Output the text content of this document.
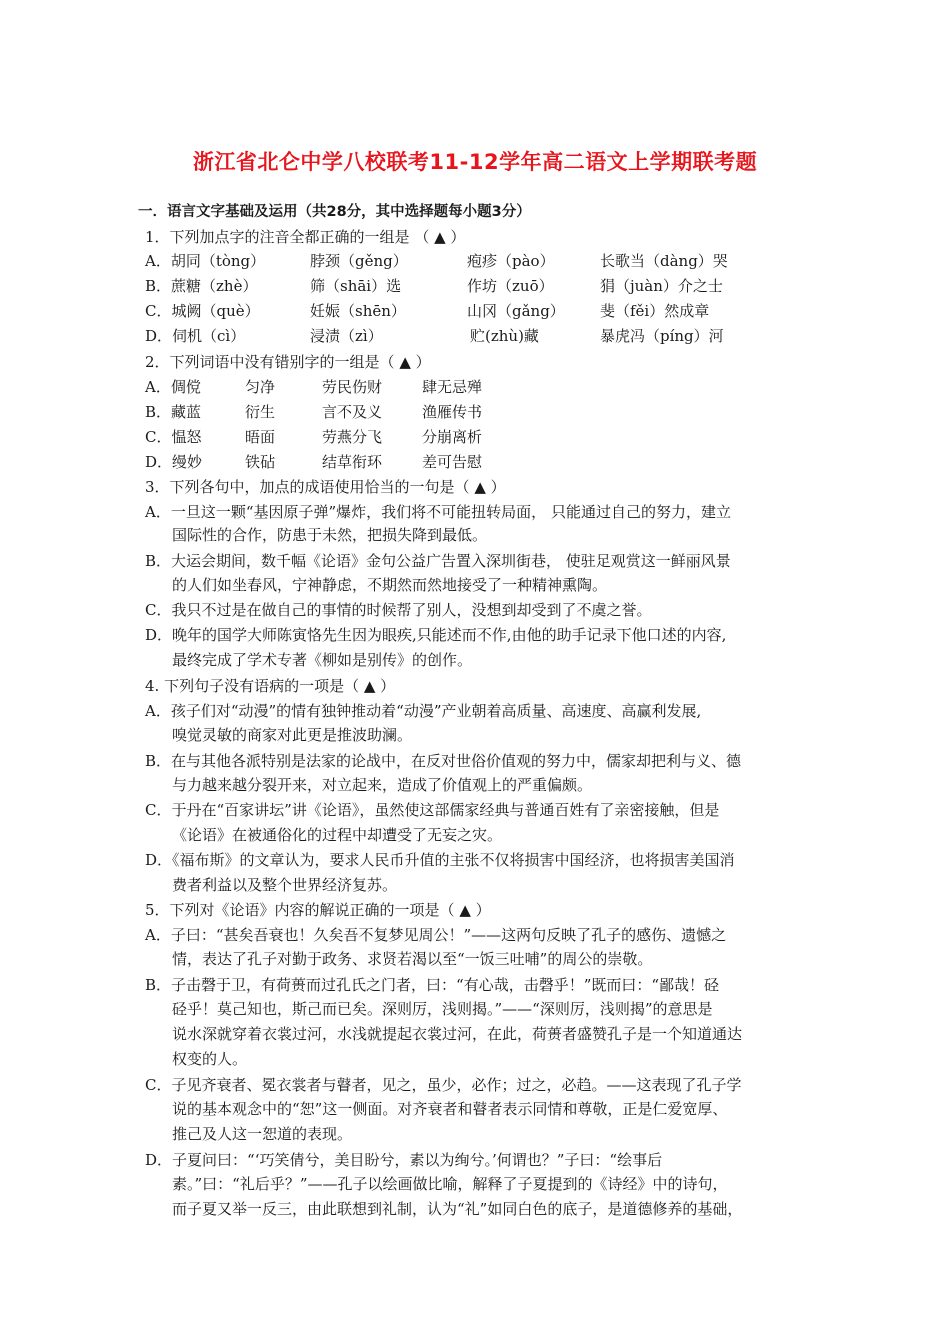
浙江省北仑中学八校联考11-12学年高二语文上学期联考题
一．语言文字基础及运用（共28分，其中选择题每小题3分）
1．下列加点字的注音全都正确的一组是 （ ▲ ）
A．胡同（tòng）	脖颈（gěng）	疱疹（pào）	长歌当（dàng）哭
B．蔗糖（zhè）	筛（shāi）选	作坊（zuō）	狷（juàn）介之士
C．城阙（què）	妊娠（shēn）	山冈（gǎng） 斐（fěi）然成章
D．伺机（cì）	浸渍（zì）	贮(zhù)藏	暴虎冯（píng）河
2．下列词语中没有错别字的一组是（ ▲ ）
A．倜傥	匀净	劳民伤财	肆无忌殚
B．藏蓝	衍生	言不及义	渔雁传书
C．愠怒	晤面	劳燕分飞	分崩离析
D．缦妙	铁砧	结草衔环	差可告慰
3．下列各句中，加点的成语使用恰当的一句是（ ▲ ）
A．一旦这一颗“基因原子弹”爆炸，我们将不可能扭转局面， 只能通过自己的努力，建立
国际性的合作，防患于未然，把损失降到最低。
B．大运会期间，数千幅《论语》金句公益广告置入深圳街巷， 使驻足观赏这一鲜丽风景
的人们如坐春风，宁神静虑，不期然而然地接受了一种精神熏陶。
C．我只不过是在做自己的事情的时候帮了别人，没想到却受到了不虞之誉。
D．晚年的国学大师陈寅恪先生因为眼疾,只能述而不作,由他的助手记录下他口述的内容,
最终完成了学术专著《柳如是别传》的创作。
4. 下列句子没有语病的一项是（ ▲ ）
A．孩子们对“动漫”的情有独钟推动着“动漫”产业朝着高质量、高速度、高赢利发展,
嗅觉灵敏的商家对此更是推波助澜。
B．在与其他各派特别是法家的论战中，在反对世俗价值观的努力中，儒家却把利与义、德
与力越来越分裂开来，对立起来，造成了价值观上的严重偏颇。
C．于丹在“百家讲坛”讲《论语》，虽然使这部儒家经典与普通百姓有了亲密接触，但是
《论语》在被通俗化的过程中却遭受了无妄之灾。
D．《福布斯》的文章认为，要求人民币升值的主张不仅将损害中国经济，也将损害美国消
费者利益以及整个世界经济复苏。
5．下列对《论语》内容的解说正确的一项是（ ▲ ）
A．子曰：“甚矣吾衰也！久矣吾不复梦见周公！”——这两句反映了孔子的感伤、遗憾之
情，表达了孔子对勤于政务、求贤若渴以至“一饭三吐哺”的周公的崇敬。
B．子击磬于卫，有荷蒉而过孔氏之门者，曰：“有心哉，击磬乎！”既而曰：“鄙哉！硁
硁乎！莫己知也，斯己而已矣。深则厉，浅则揭。”——“深则厉，浅则揭”的意思是
说水深就穿着衣裳过河，水浅就提起衣裳过河，在此，荷蒉者盛赞孔子是一个知道通达
权变的人。
C．子见齐衰者、冕衣裳者与瞽者，见之，虽少，必作；过之，必趋。——这表现了孔子学
说的基本观念中的“恕”这一侧面。对齐衰者和瞽者表示同情和尊敬，正是仁爱宽厚、
推己及人这一恕道的表现。
D．子夏问曰：“‘巧笑倩兮，美目盼兮，素以为绚兮。’何谓也？”子曰：“绘事后
素。”曰：“礼后乎？”——孔子以绘画做比喻，解释了子夏提到的《诗经》中的诗句，
而子夏又举一反三，由此联想到礼制，认为“礼”如同白色的底子，是道德修养的基础，
